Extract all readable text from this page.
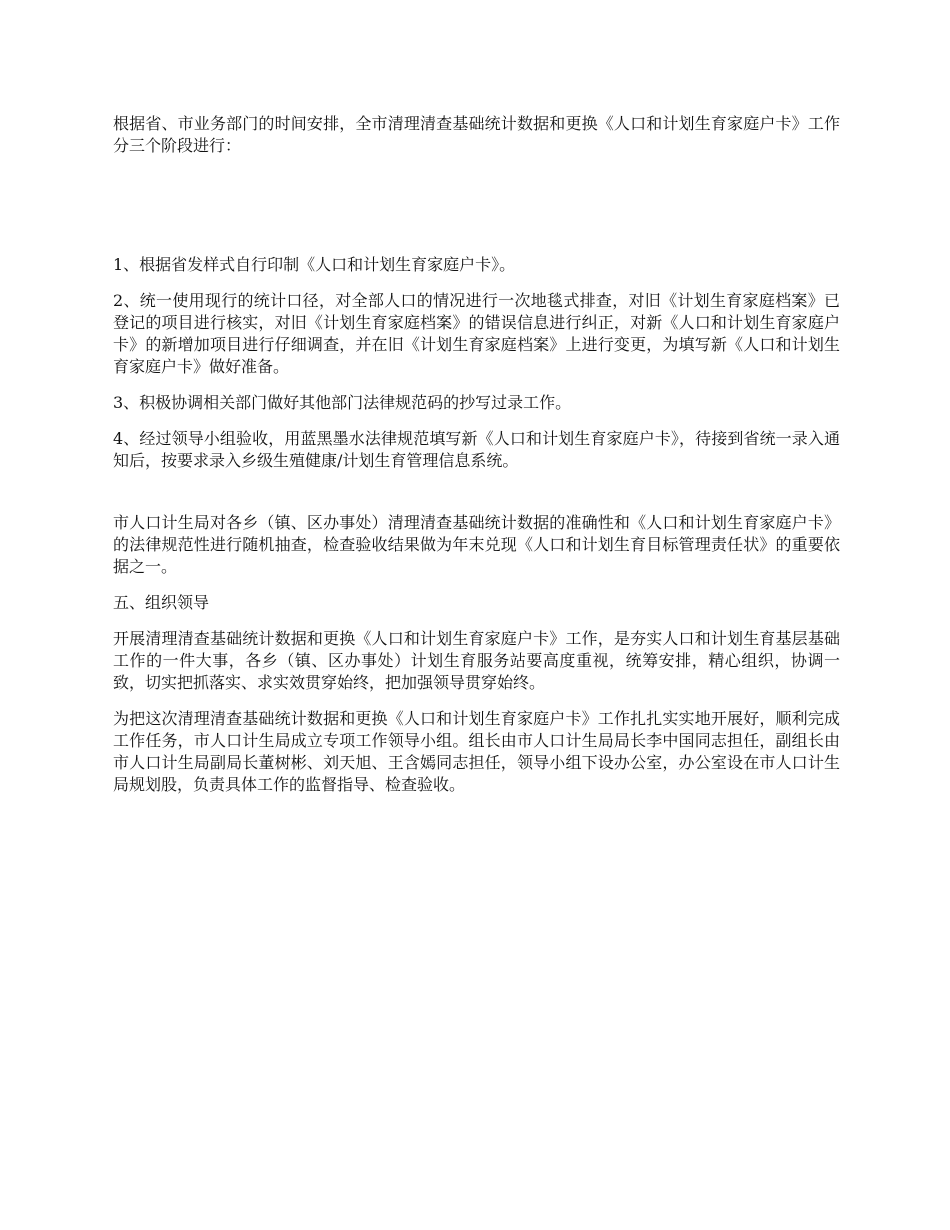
根据省、市业务部门的时间安排，全市清理清查基础统计数据和更换《人口和计划生育家庭户卡》工作分三个阶段进行：

1、根据省发样式自行印制《人口和计划生育家庭户卡》。

2、统一使用现行的统计口径，对全部人口的情况进行一次地毯式排查，对旧《计划生育家庭档案》已登记的项目进行核实，对旧《计划生育家庭档案》的错误信息进行纠正，对新《人口和计划生育家庭户卡》的新增加项目进行仔细调查，并在旧《计划生育家庭档案》上进行变更，为填写新《人口和计划生育家庭户卡》做好准备。

3、积极协调相关部门做好其他部门法律规范码的抄写过录工作。

4、经过领导小组验收，用蓝黑墨水法律规范填写新《人口和计划生育家庭户卡》，待接到省统一录入通知后，按要求录入乡级生殖健康/计划生育管理信息系统。

市人口计生局对各乡（镇、区办事处）清理清查基础统计数据的准确性和《人口和计划生育家庭户卡》的法律规范性进行随机抽查，检查验收结果做为年末兑现《人口和计划生育目标管理责任状》的重要依据之一。

五、组织领导

开展清理清查基础统计数据和更换《人口和计划生育家庭户卡》工作，是夯实人口和计划生育基层基础工作的一件大事，各乡（镇、区办事处）计划生育服务站要高度重视，统筹安排，精心组织，协调一致，切实把抓落实、求实效贯穿始终，把加强领导贯穿始终。

为把这次清理清查基础统计数据和更换《人口和计划生育家庭户卡》工作扎扎实实地开展好，顺利完成工作任务，市人口计生局成立专项工作领导小组。组长由市人口计生局局长李中国同志担任，副组长由市人口计生局副局长董树彬、刘天旭、王含嫣同志担任，领导小组下设办公室，办公室设在市人口计生局规划股，负责具体工作的监督指导、检查验收。
